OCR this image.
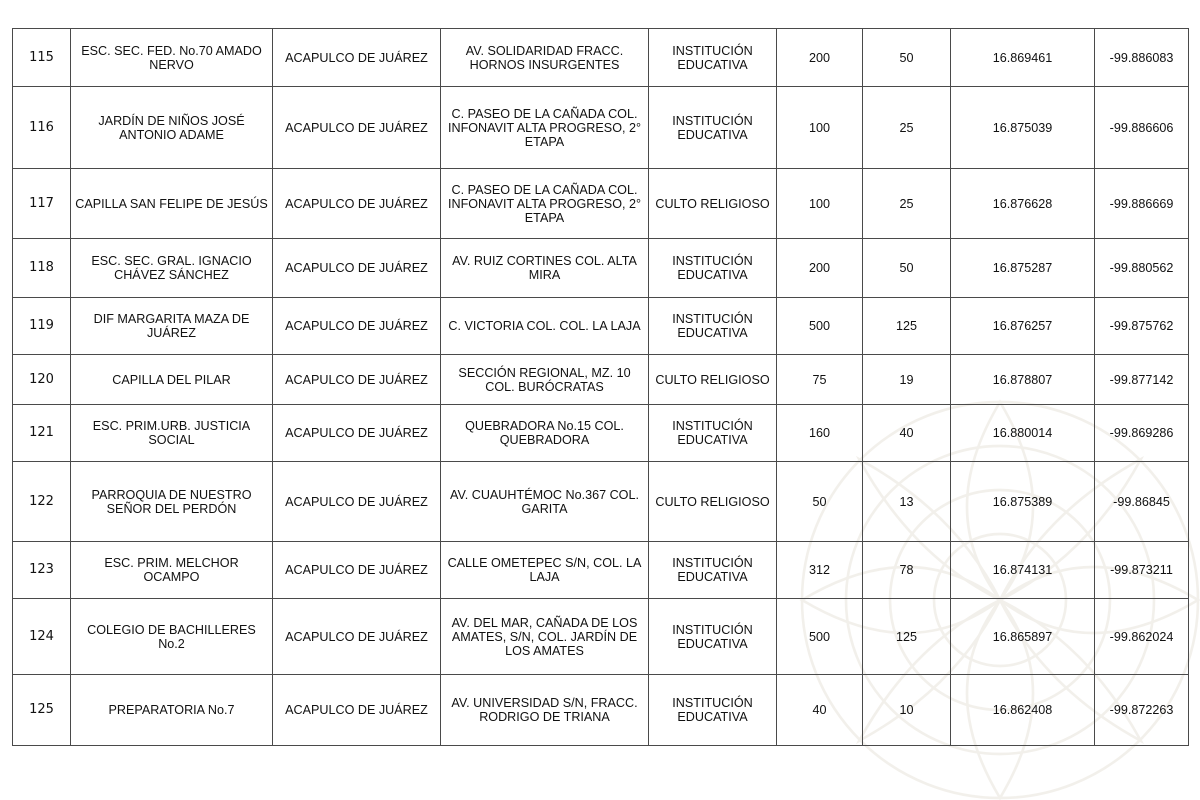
115	ESC. SEC. FED. No.70 AMADO NERVO	ACAPULCO DE JUÁREZ	AV. SOLIDARIDAD FRACC. HORNOS INSURGENTES	INSTITUCIÓN EDUCATIVA	200	50	16.869461	-99.886083
116	JARDÍN DE NIÑOS JOSÉ ANTONIO ADAME	ACAPULCO DE JUÁREZ	C. PASEO DE LA CAÑADA COL. INFONAVIT ALTA PROGRESO, 2° ETAPA	INSTITUCIÓN EDUCATIVA	100	25	16.875039	-99.886606
117	CAPILLA SAN FELIPE DE JESÚS	ACAPULCO DE JUÁREZ	C. PASEO DE LA CAÑADA COL. INFONAVIT ALTA PROGRESO, 2° ETAPA	CULTO RELIGIOSO	100	25	16.876628	-99.886669
118	ESC. SEC. GRAL. IGNACIO CHÁVEZ SÁNCHEZ	ACAPULCO DE JUÁREZ	AV. RUIZ CORTINES COL. ALTA MIRA	INSTITUCIÓN EDUCATIVA	200	50	16.875287	-99.880562
119	DIF MARGARITA MAZA DE JUÁREZ	ACAPULCO DE JUÁREZ	C. VICTORIA COL. COL. LA LAJA	INSTITUCIÓN EDUCATIVA	500	125	16.876257	-99.875762
120	CAPILLA DEL PILAR	ACAPULCO DE JUÁREZ	SECCIÓN REGIONAL, MZ. 10 COL. BURÓCRATAS	CULTO RELIGIOSO	75	19	16.878807	-99.877142
121	ESC. PRIM.URB. JUSTICIA SOCIAL	ACAPULCO DE JUÁREZ	QUEBRADORA No.15 COL. QUEBRADORA	INSTITUCIÓN EDUCATIVA	160	40	16.880014	-99.869286
122	PARROQUIA DE NUESTRO SEÑOR DEL PERDÓN	ACAPULCO DE JUÁREZ	AV. CUAUHTÉMOC No.367 COL. GARITA	CULTO RELIGIOSO	50	13	16.875389	-99.86845
123	ESC. PRIM. MELCHOR OCAMPO	ACAPULCO DE JUÁREZ	CALLE OMETEPEC S/N, COL. LA LAJA	INSTITUCIÓN EDUCATIVA	312	78	16.874131	-99.873211
124	COLEGIO DE BACHILLERES No.2	ACAPULCO DE JUÁREZ	AV. DEL MAR, CAÑADA DE LOS AMATES, S/N, COL. JARDÍN DE LOS AMATES	INSTITUCIÓN EDUCATIVA	500	125	16.865897	-99.862024
125	PREPARATORIA No.7	ACAPULCO DE JUÁREZ	AV. UNIVERSIDAD S/N, FRACC. RODRIGO DE TRIANA	INSTITUCIÓN EDUCATIVA	40	10	16.862408	-99.872263
